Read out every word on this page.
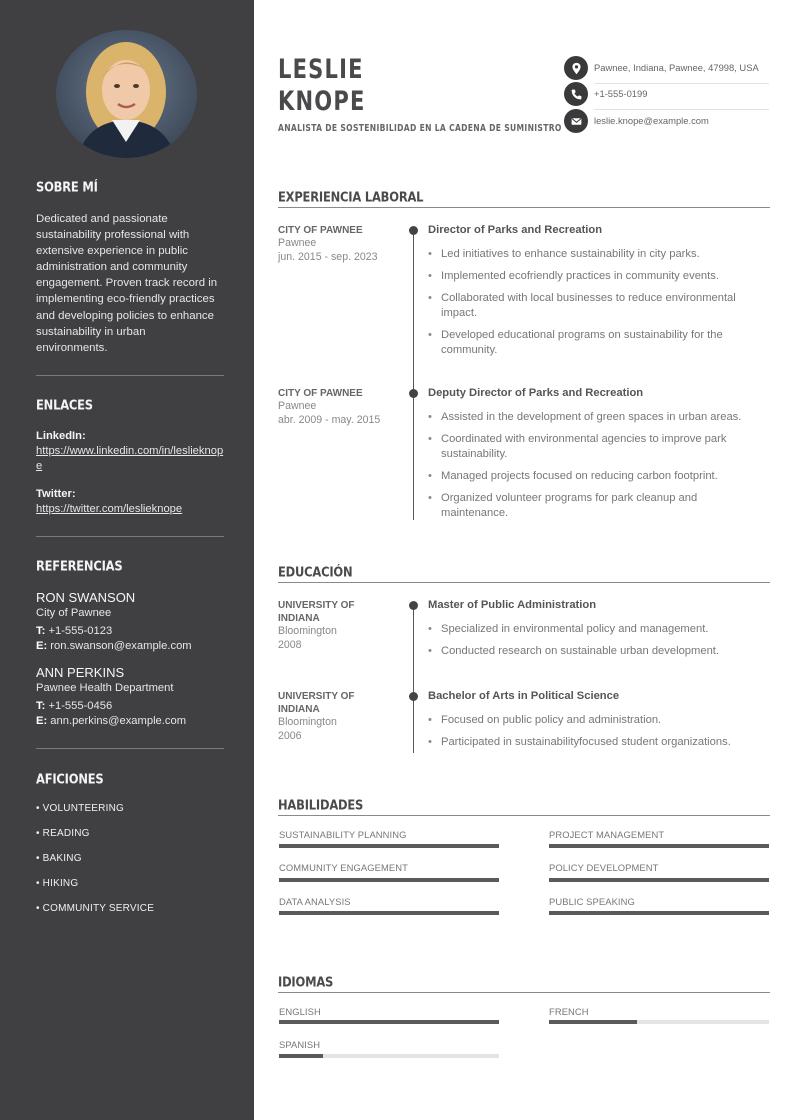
SOBRE MÍ
Dedicated and passionate sustainability professional with extensive experience in public administration and community engagement. Proven track record in implementing eco-friendly practices and developing policies to enhance sustainability in urban environments.
ENLACES
LinkedIn:
https://www.linkedin.com/in/leslieknope
Twitter:
https://twitter.com/leslieknope
REFERENCIAS
RON SWANSON
City of Pawnee
T: +1-555-0123
E: ron.swanson@example.com
ANN PERKINS
Pawnee Health Department
T: +1-555-0456
E: ann.perkins@example.com
AFICIONES
• VOLUNTEERING
• READING
• BAKING
• HIKING
• COMMUNITY SERVICE
LESLIE
KNOPE
ANALISTA DE SOSTENIBILIDAD EN LA CADENA DE SUMINISTRO
Pawnee, Indiana, Pawnee, 47998, USA
+1-555-0199
leslie.knope@example.com
EXPERIENCIA LABORAL
CITY OF PAWNEE
Pawnee
jun. 2015 - sep. 2023
Director of Parks and Recreation
• Led initiatives to enhance sustainability in city parks.
• Implemented ecofriendly practices in community events.
• Collaborated with local businesses to reduce environmental impact.
• Developed educational programs on sustainability for the community.
CITY OF PAWNEE
Pawnee
abr. 2009 - may. 2015
Deputy Director of Parks and Recreation
• Assisted in the development of green spaces in urban areas.
• Coordinated with environmental agencies to improve park sustainability.
• Managed projects focused on reducing carbon footprint.
• Organized volunteer programs for park cleanup and maintenance.
EDUCACIÓN
UNIVERSITY OF INDIANA
Bloomington
2008
Master of Public Administration
• Specialized in environmental policy and management.
• Conducted research on sustainable urban development.
UNIVERSITY OF INDIANA
Bloomington
2006
Bachelor of Arts in Political Science
• Focused on public policy and administration.
• Participated in sustainabilityfocused student organizations.
HABILIDADES
SUSTAINABILITY PLANNING	PROJECT MANAGEMENT
COMMUNITY ENGAGEMENT	POLICY DEVELOPMENT
DATA ANALYSIS	PUBLIC SPEAKING
IDIOMAS
ENGLISH	FRENCH
SPANISH
